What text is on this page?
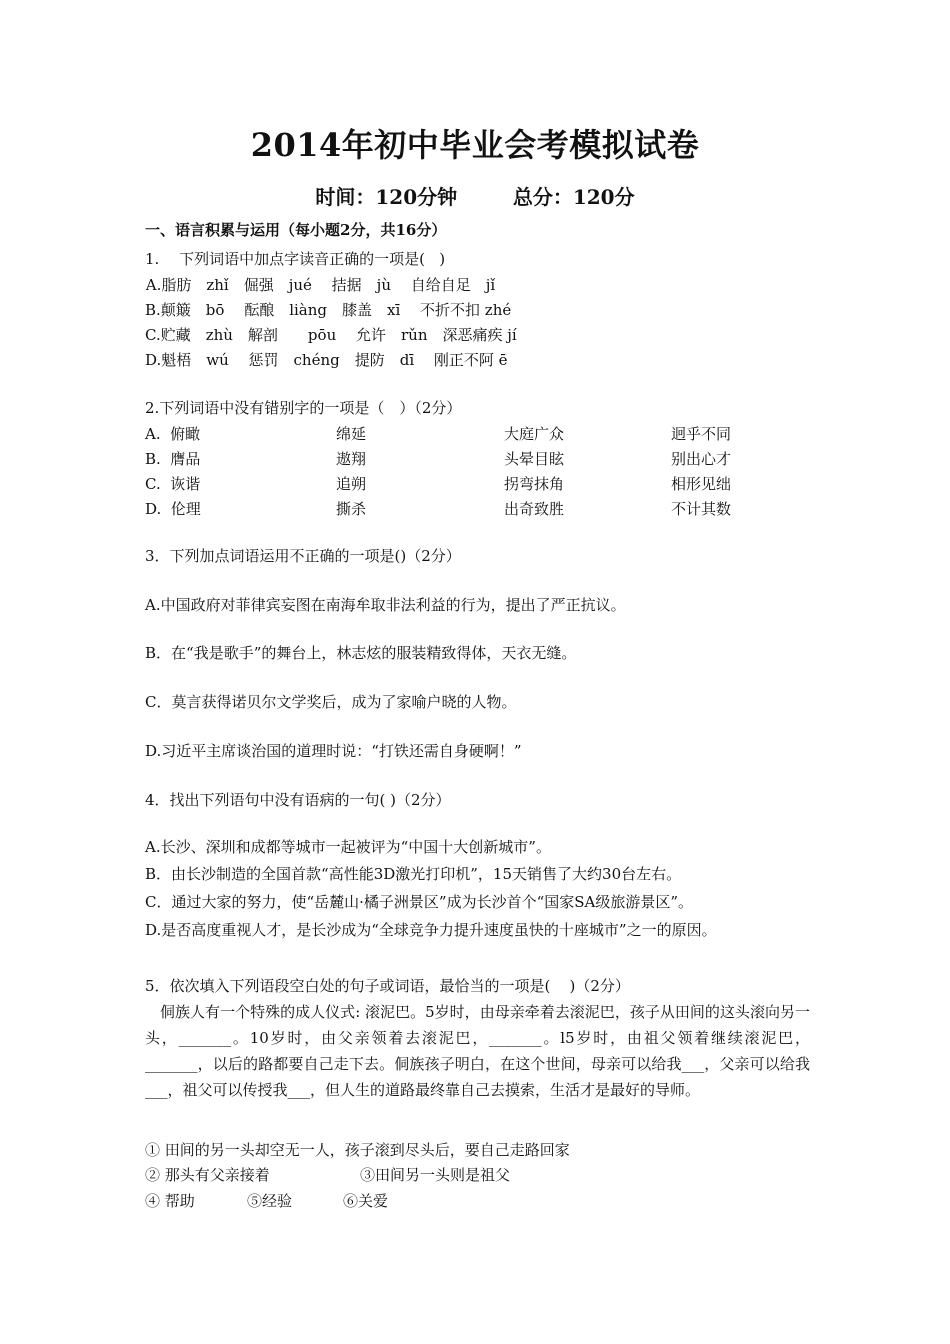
2014年初中毕业会考模拟试卷
时间：120分钟        总分：120分
一、语言积累与运用（每小题2分，共16分）
1.　 下列词语中加点字读音正确的一项是(   )
A.脂肪　zhǐ　倔强　jué 　拮据　jù　 自给自足　jǐ
B.颠簸　bō　 酝酿　liàng　膝盖　xī　 不折不扣 zhé
C.贮藏　zhù　解剖　　pōu　 允许　rǔn　深恶痛疾 jí
D.魁梧　wú　 惩罚　chéng　提防　dī　 刚正不阿 ē
2.下列词语中没有错别字的一项是（　）（2分）
A.  俯瞰	绵延	大庭广众	迥乎不同
B.  膺品	遨翔	头晕目眩	别出心才
C.  诙谐	追朔	拐弯抹角	相形见绌
D.  伦理	撕杀	出奇致胜	不计其数
3．下列加点词语运用不正确的一项是()（2分）
A.中国政府对菲律宾妄图在南海牟取非法利益的行为，提出了严正抗议。
B．在“我是歌手”的舞台上，林志炫的服装精致得体，天衣无缝。
C．莫言获得诺贝尔文学奖后，成为了家喻户晓的人物。
D.习近平主席谈治国的道理时说：“打铁还需自身硬啊！”
4．找出下列语句中没有语病的一句( )（2分）
A.长沙、深圳和成都等城市一起被评为“中国十大创新城市”。
B．由长沙制造的全国首款“高性能3D激光打印机”，15天销售了大约30台左右。
C．通过大家的努力，使“岳麓山·橘子洲景区”成为长沙首个“国家SA级旅游景区”。
D.是否高度重视人才，是长沙成为“全球竞争力提升速度虽快的十座城市”之一的原因。
5．依次填入下列语段空白处的句子或词语，最恰当的一项是(    )（2分）
　侗族人有一个特殊的成人仪式: 滚泥巴。5岁时，由母亲牵着去滚泥巴，孩子从田间的这头滚向另一头，_______。10岁时，由父亲领着去滚泥巴，_______。l5岁时，由祖父领着继续滚泥巴，_______，以后的路都要自己走下去。侗族孩子明白，在这个世间，母亲可以给我___，父亲可以给我___，祖父可以传授我___，但人生的道路最终靠自己去摸索，生活才是最好的导师。
① 田间的另一头却空无一人，孩子滚到尽头后，要自己走路回家
② 那头有父亲接着	③田间另一头则是祖父
④ 帮助	⑤经验	⑥关爱
